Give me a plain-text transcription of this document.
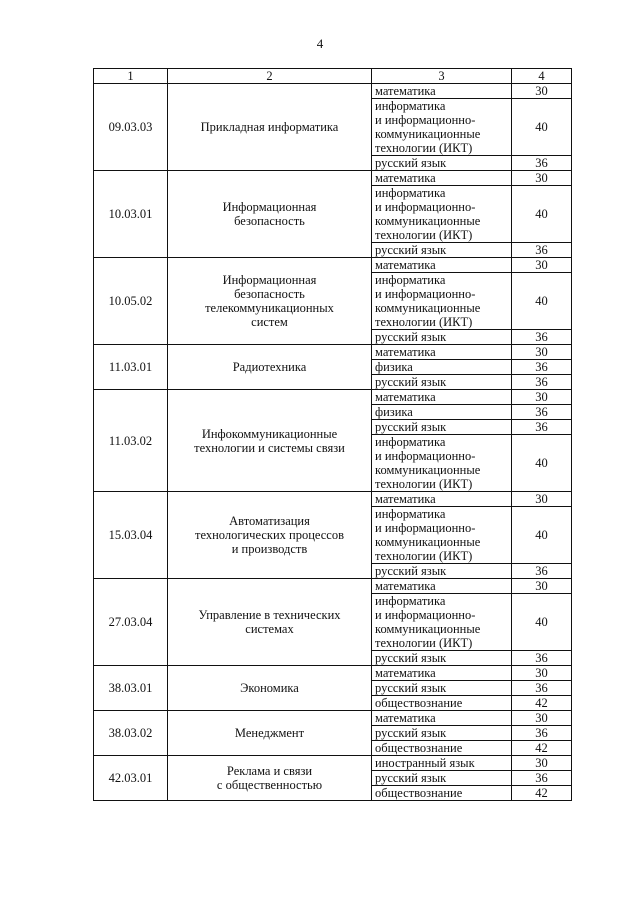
4
1	2	3	4
09.03.03	Прикладная информатика	математика	30
		информатика
и информационно-
коммуникационные
технологии (ИКТ)	40
		русский язык	36
10.03.01	Информационная
безопасность	математика	30
		информатика
и информационно-
коммуникационные
технологии (ИКТ)	40
		русский язык	36
10.05.02	Информационная
безопасность
телекоммуникационных
систем	математика	30
		информатика
и информационно-
коммуникационные
технологии (ИКТ)	40
		русский язык	36
11.03.01	Радиотехника	математика	30
		физика	36
		русский язык	36
11.03.02	Инфокоммуникационные
технологии и системы связи	математика	30
		физика	36
		русский язык	36
		информатика
и информационно-
коммуникационные
технологии (ИКТ)	40
15.03.04	Автоматизация
технологических процессов
и производств	математика	30
		информатика
и информационно-
коммуникационные
технологии (ИКТ)	40
		русский язык	36
27.03.04	Управление в технических
системах	математика	30
		информатика
и информационно-
коммуникационные
технологии (ИКТ)	40
		русский язык	36
38.03.01	Экономика	математика	30
		русский язык	36
		обществознание	42
38.03.02	Менеджмент	математика	30
		русский язык	36
		обществознание	42
42.03.01	Реклама и связи
с общественностью	иностранный язык	30
		русский язык	36
		обществознание	42
